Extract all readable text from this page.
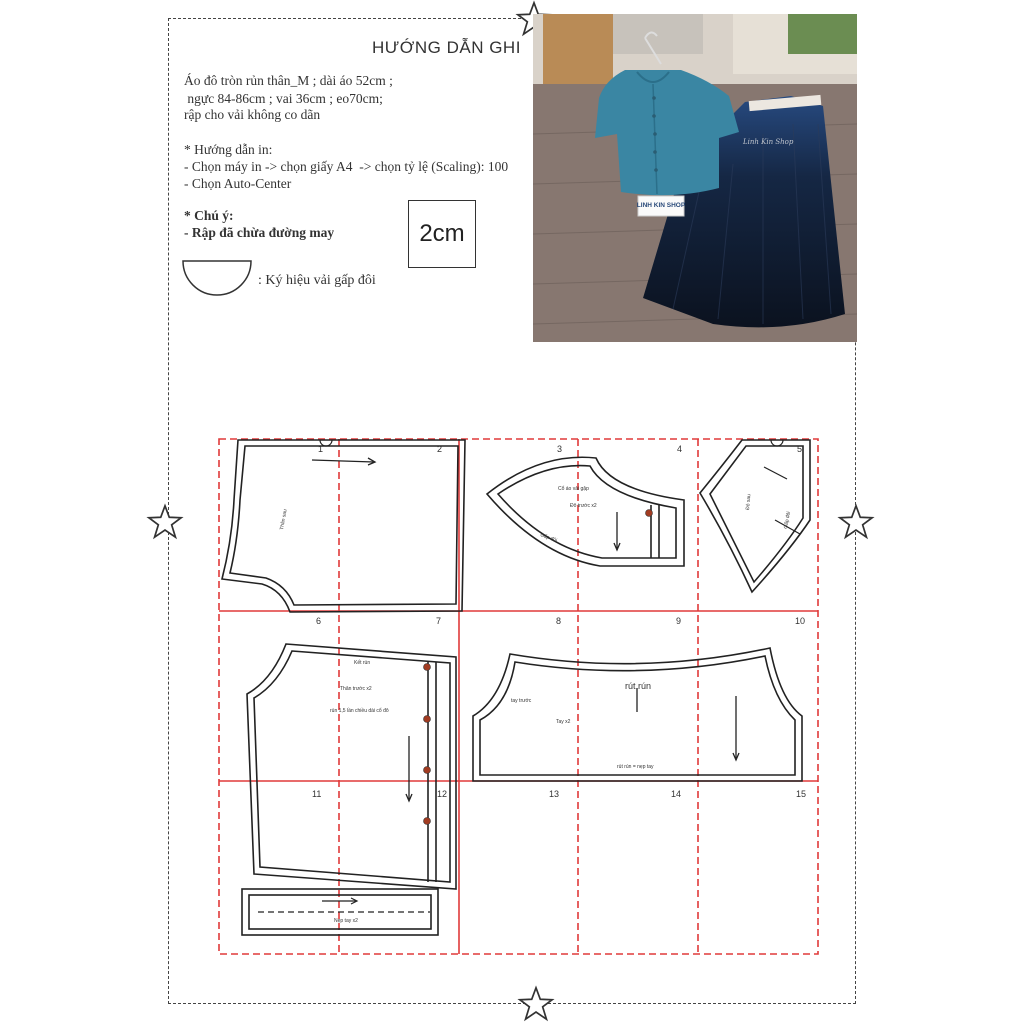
HƯỚNG DẪN GHI
Áo đô tròn rủn thân_M ; dài áo 52cm ;
ngực 84-86cm ; vai 36cm ; eo70cm;
rập cho vải không co dãn
* Hướng dẫn in:
- Chọn máy in -> chọn giấy A4  -> chọn tỷ lệ (Scaling): 100
- Chọn Auto-Center
* Chú ý:
- Rập đã chừa đường may	2cm
: Ký hiệu vải gấp đôi
LINH KIN SHOP
Linh Kin Shop
1	2	3	4	5
6	7	8	9	10
11	12	13	14	15
Thân sau
Cổ áo vải gập
Đô trước x2
Gấp đôi
Đô sau
Gấp đôi
Kết rún
Thân trước x2
rún 1,5 lần chiều dài cổ đô
rút rún
tay trước
Tay x2
rút rún = nẹp tay
Nẹp tay x2
